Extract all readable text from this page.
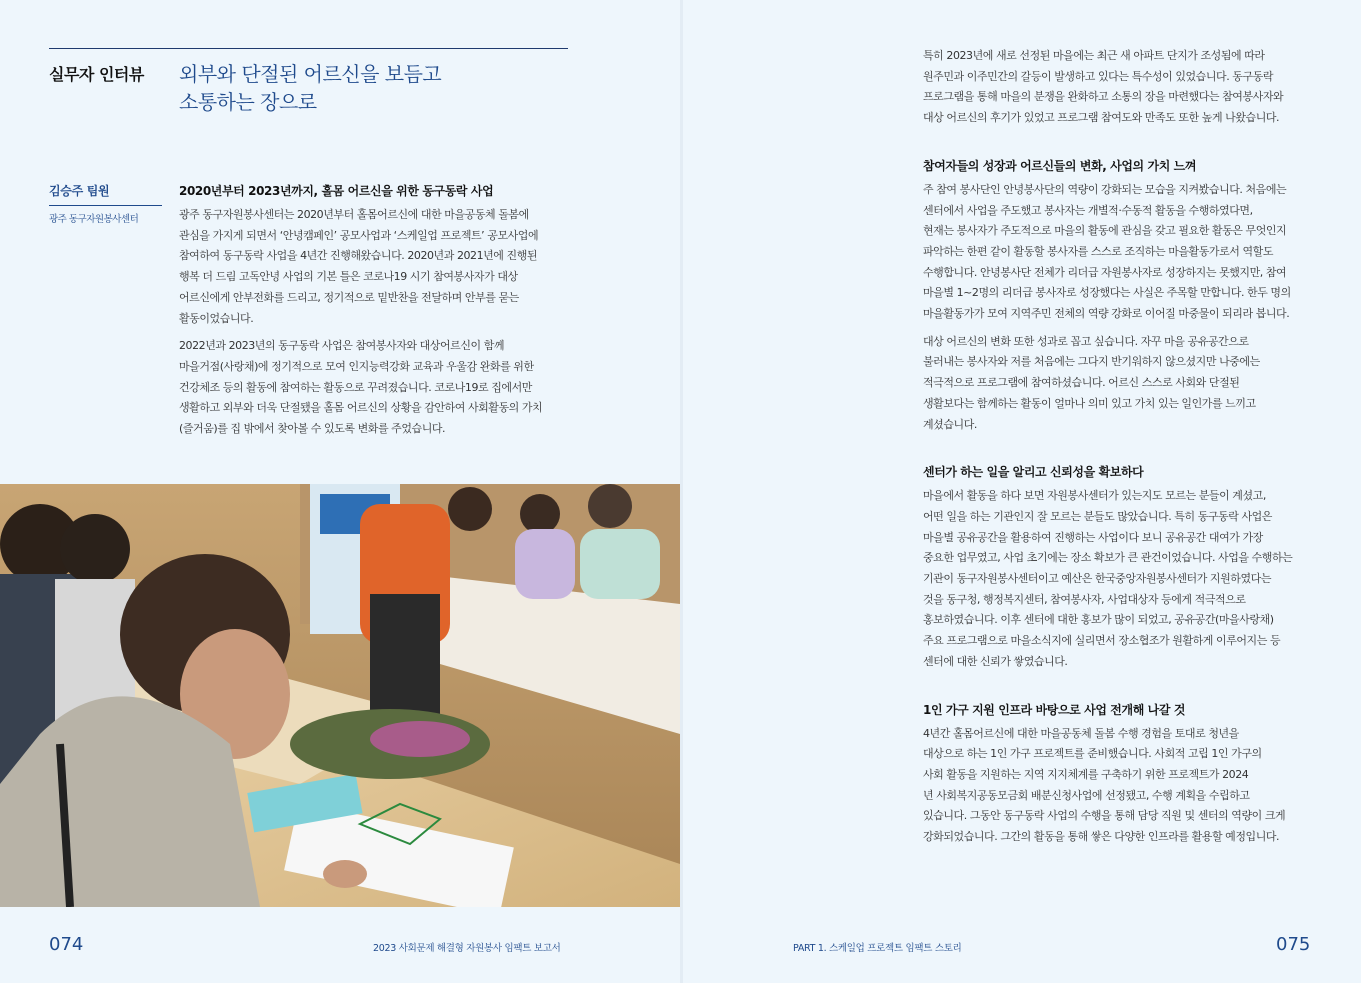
실무자 인터뷰 외부와 단절된 어르신을 보듬고
소통하는 장으로
김승주 팀원
광주 동구자원봉사센터
2020년부터 2023년까지, 홀몸 어르신을 위한 동구동락 사업

광주 동구자원봉사센터는 2020년부터 홀몸어르신에 대한 마을공동체 돌봄에
관심을 가지게 되면서 ‘안녕캠페인’ 공모사업과 ‘스케일업 프로젝트’ 공모사업에
참여하여 동구동락 사업을 4년간 진행해왔습니다. 2020년과 2021년에 진행된
행복 더 드림 고독안녕 사업의 기본 틀은 코로나19 시기 참여봉사자가 대상
어르신에게 안부전화를 드리고, 정기적으로 밑반찬을 전달하며 안부를 묻는
활동이었습니다.

2022년과 2023년의 동구동락 사업은 참여봉사자와 대상어르신이 함께
마을거점(사랑채)에 정기적으로 모여 인지능력강화 교육과 우울감 완화를 위한
건강체조 등의 활동에 참여하는 활동으로 꾸려졌습니다. 코로나19로 집에서만
생활하고 외부와 더욱 단절됐을 홀몸 어르신의 상황을 감안하여 사회활동의 가치
(즐거움)를 집 밖에서 찾아볼 수 있도록 변화를 주었습니다.

074	2023 사회문제 해결형 자원봉사 임팩트 보고서	PART 1. 스케일업 프로젝트 임팩트 스토리	075

특히 2023년에 새로 선정된 마을에는 최근 새 아파트 단지가 조성됨에 따라
원주민과 이주민간의 갈등이 발생하고 있다는 특수성이 있었습니다. 동구동락
프로그램을 통해 마을의 분쟁을 완화하고 소통의 장을 마련했다는 참여봉사자와
대상 어르신의 후기가 있었고 프로그램 참여도와 만족도 또한 높게 나왔습니다.

참여자들의 성장과 어르신들의 변화, 사업의 가치 느껴

주 참여 봉사단인 안녕봉사단의 역량이 강화되는 모습을 지켜봤습니다. 처음에는
센터에서 사업을 주도했고 봉사자는 개별적·수동적 활동을 수행하였다면,
현재는 봉사자가 주도적으로 마을의 활동에 관심을 갖고 필요한 활동은 무엇인지
파악하는 한편 같이 활동할 봉사자를 스스로 조직하는 마을활동가로서 역할도
수행합니다. 안녕봉사단 전체가 리더급 자원봉사자로 성장하지는 못했지만, 참여
마을별 1~2명의 리더급 봉사자로 성장했다는 사실은 주목할 만합니다. 한두 명의
마을활동가가 모여 지역주민 전체의 역량 강화로 이어질 마중물이 되리라 봅니다.

대상 어르신의 변화 또한 성과로 꼽고 싶습니다. 자꾸 마을 공유공간으로
불러내는 봉사자와 저를 처음에는 그다지 반기워하지 않으셨지만 나중에는
적극적으로 프로그램에 참여하셨습니다. 어르신 스스로 사회와 단절된
생활보다는 함께하는 활동이 얼마나 의미 있고 가치 있는 일인가를 느끼고
계셨습니다.

센터가 하는 일을 알리고 신뢰성을 확보하다

마을에서 활동을 하다 보면 자원봉사센터가 있는지도 모르는 분들이 계셨고,
어떤 일을 하는 기관인지 잘 모르는 분들도 많았습니다. 특히 동구동락 사업은
마을별 공유공간을 활용하여 진행하는 사업이다 보니 공유공간 대여가 가장
중요한 업무였고, 사업 초기에는 장소 확보가 큰 관건이었습니다. 사업을 수행하는
기관이 동구자원봉사센터이고 예산은 한국중앙자원봉사센터가 지원하였다는
것을 동구청, 행정복지센터, 참여봉사자, 사업대상자 등에게 적극적으로
홍보하였습니다. 이후 센터에 대한 홍보가 많이 되었고, 공유공간(마을사랑채)
주요 프로그램으로 마을소식지에 실리면서 장소협조가 원활하게 이루어지는 등
센터에 대한 신뢰가 쌓였습니다.

1인 가구 지원 인프라 바탕으로 사업 전개해 나갈 것

4년간 홀몸어르신에 대한 마을공동체 돌봄 수행 경험을 토대로 청년을
대상으로 하는 1인 가구 프로젝트를 준비했습니다. 사회적 고립 1인 가구의
사회 활동을 지원하는 지역 지지체계를 구축하기 위한 프로젝트가 2024
년 사회복지공동모금회 배분신청사업에 선정됐고, 수행 계획을 수립하고
있습니다. 그동안 동구동락 사업의 수행을 통해 담당 직원 및 센터의 역량이 크게
강화되었습니다. 그간의 활동을 통해 쌓은 다양한 인프라를 활용할 예정입니다.
